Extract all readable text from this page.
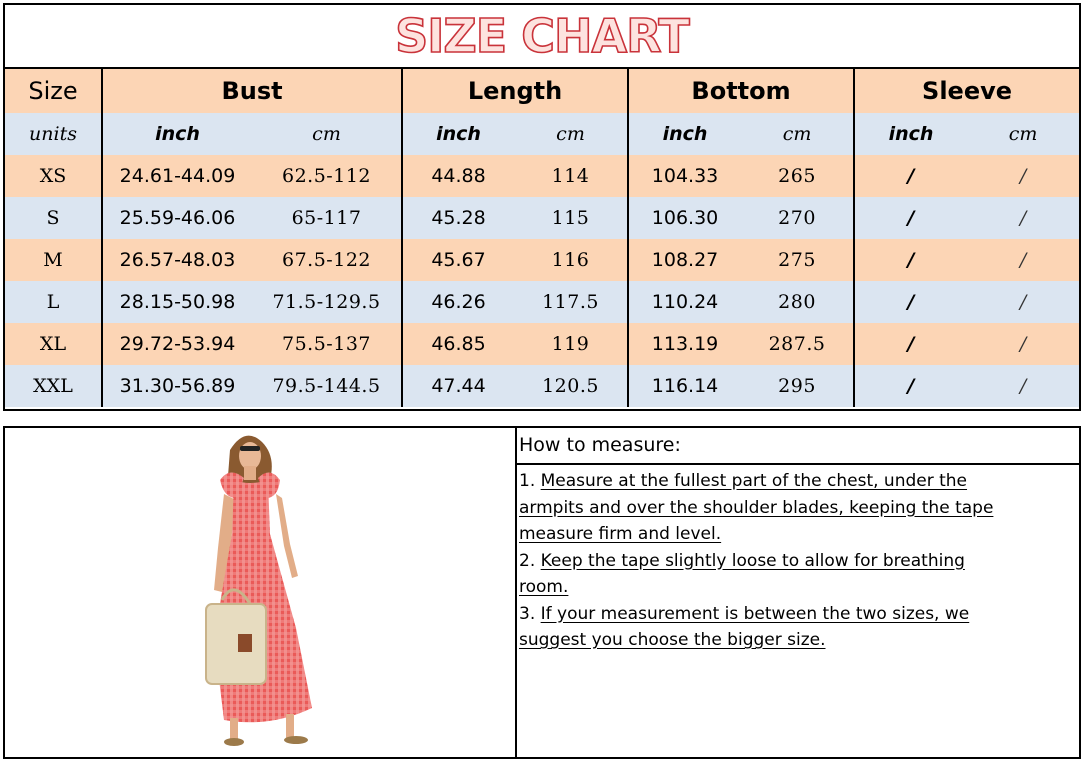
SIZE CHART
Size	Bust		Length		Bottom		Sleeve	
units	inch	cm	inch	cm	inch	cm	inch	cm
XS	24.61-44.09	62.5-112	44.88	114	104.33	265	/	/
S	25.59-46.06	65-117	45.28	115	106.30	270	/	/
M	26.57-48.03	67.5-122	45.67	116	108.27	275	/	/
L	28.15-50.98	71.5-129.5	46.26	117.5	110.24	280	/	/
XL	29.72-53.94	75.5-137	46.85	119	113.19	287.5	/	/
XXL	31.30-56.89	79.5-144.5	47.44	120.5	116.14	295	/	/
How to measure:
1. Measure at the fullest part of the chest, under the
armpits and over the shoulder blades, keeping the tape
measure firm and level.
2. Keep the tape slightly loose to allow for breathing
room.
3. If your measurement is between the two sizes, we
suggest you choose the bigger size.
